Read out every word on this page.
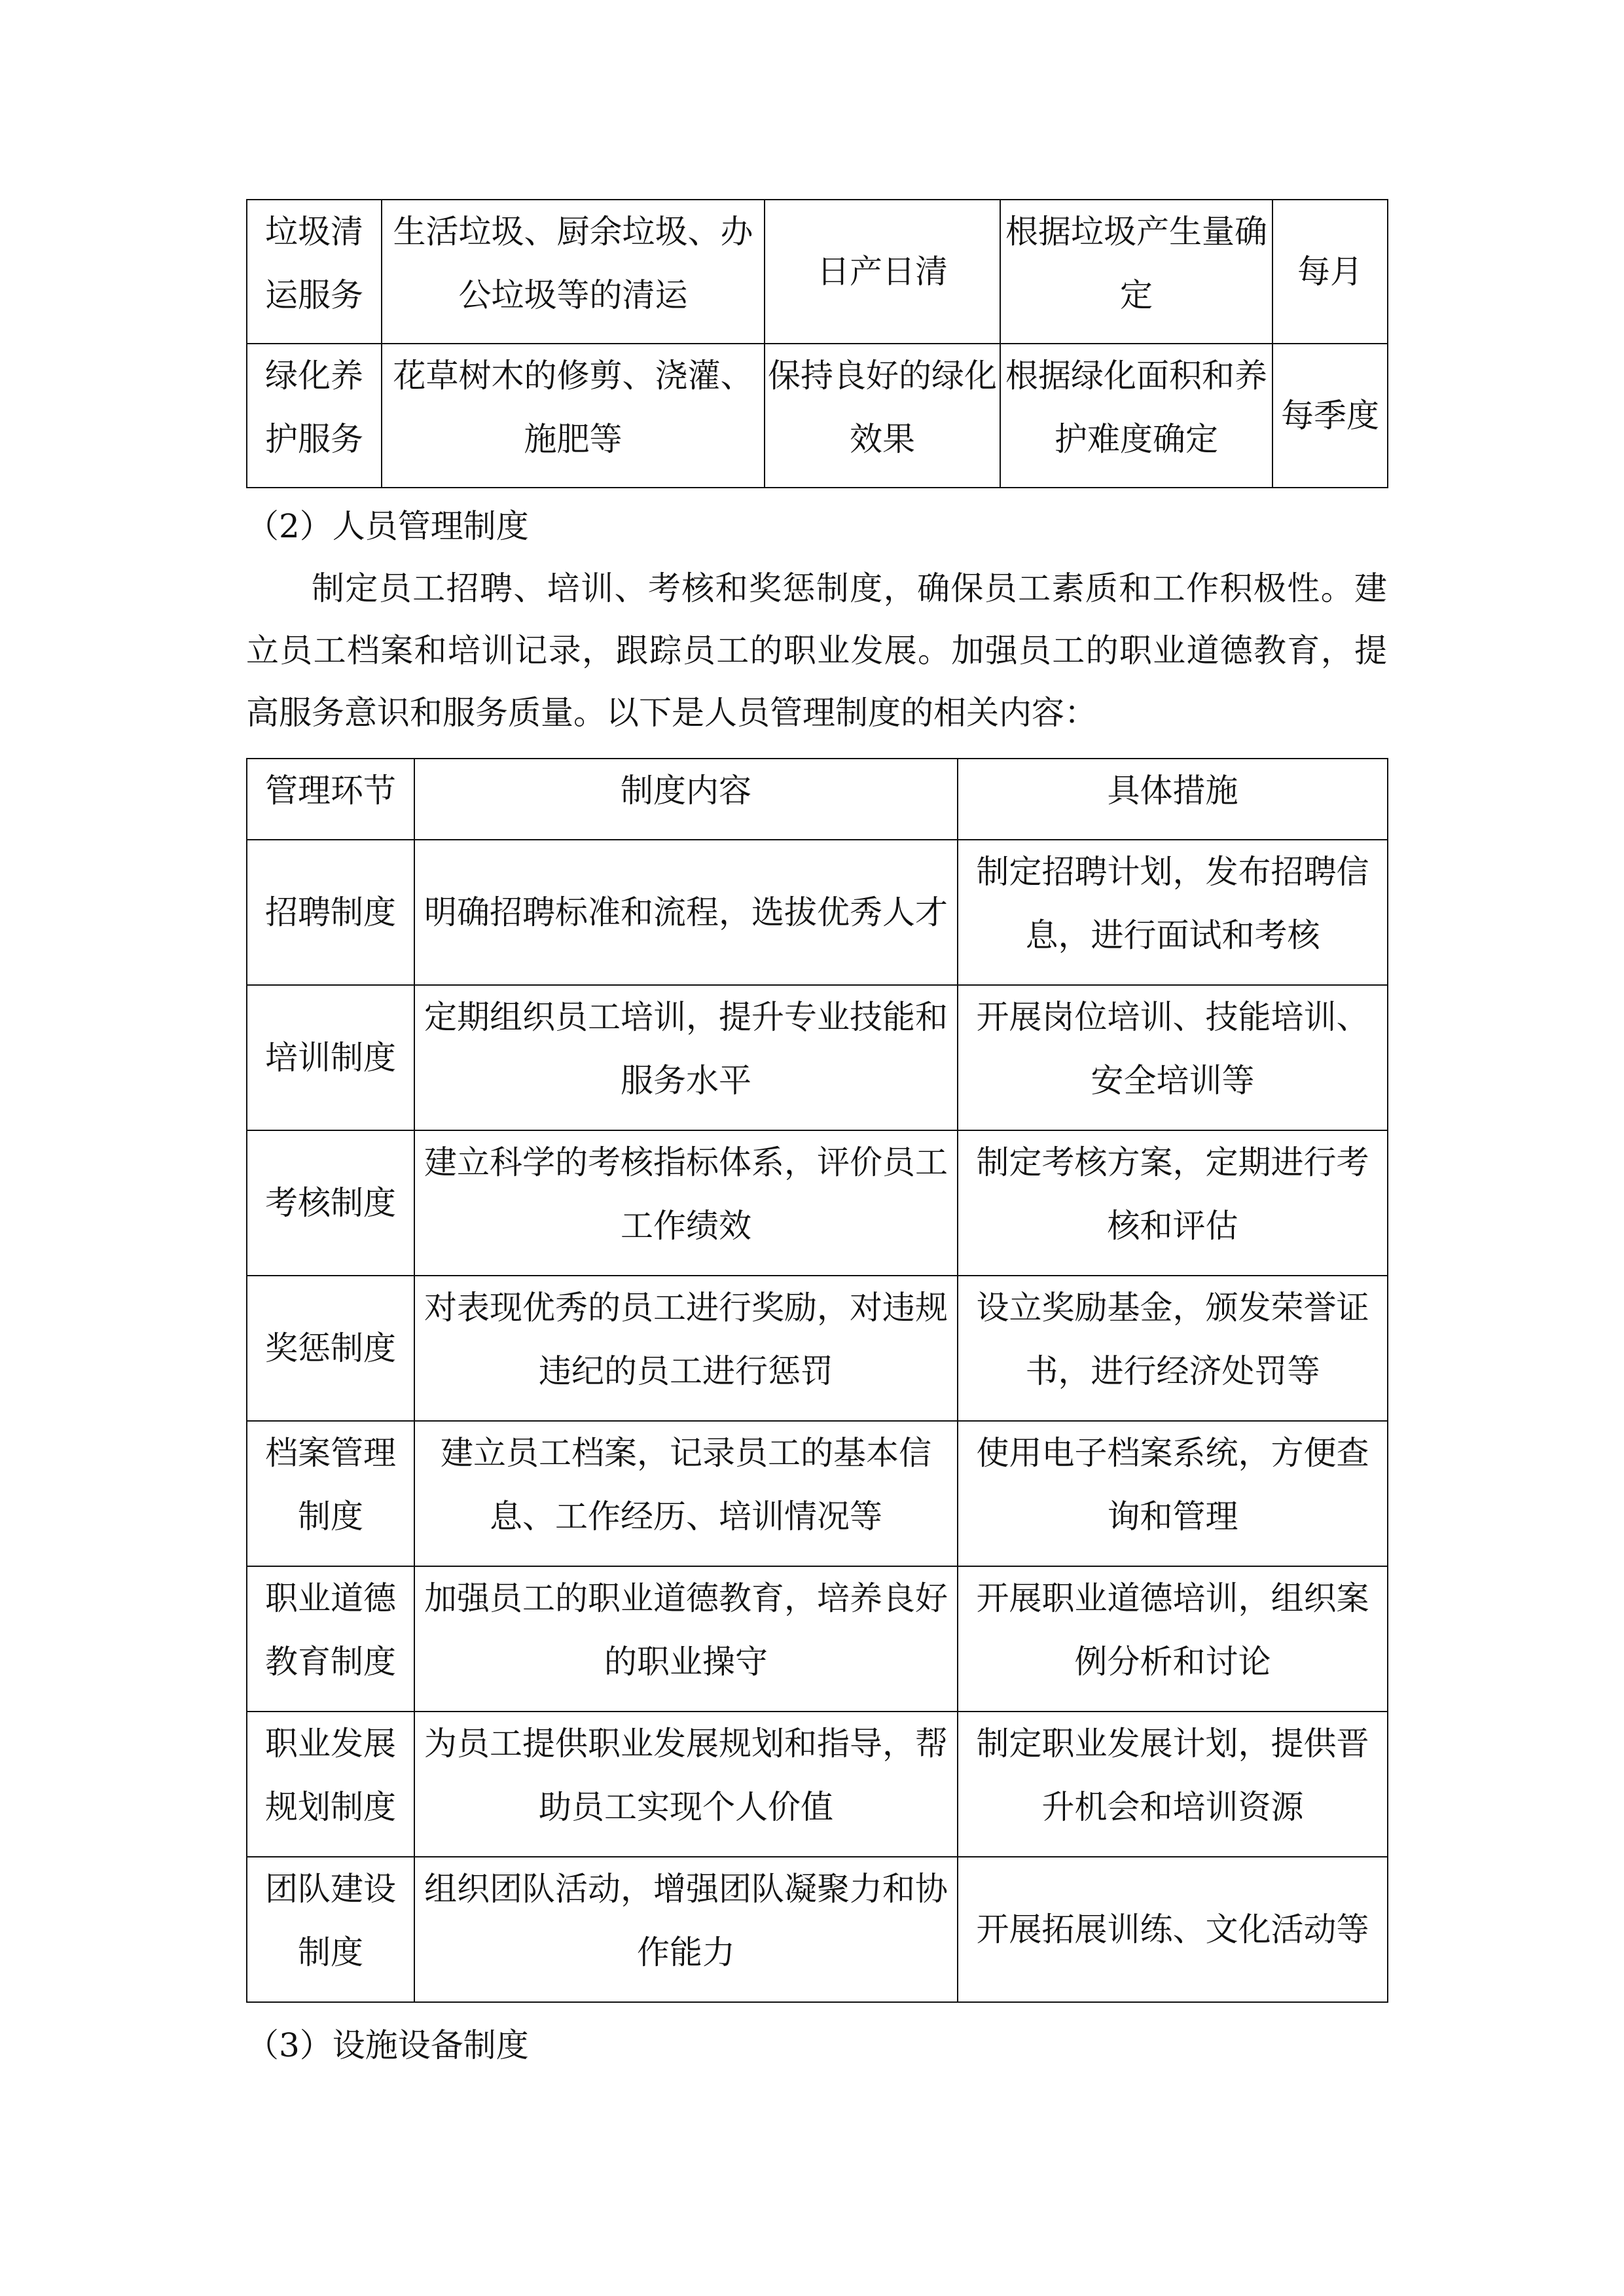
垃圾清运服务	生活垃圾、厨余垃圾、办公垃圾等的清运	日产日清	根据垃圾产生量确定	每月
绿化养护服务	花草树木的修剪、浇灌、施肥等	保持良好的绿化效果	根据绿化面积和养护难度确定	每季度
（2）人员管理制度
制定员工招聘、培训、考核和奖惩制度，确保员工素质和工作积极性。建立员工档案和培训记录，跟踪员工的职业发展。加强员工的职业道德教育，提高服务意识和服务质量。以下是人员管理制度的相关内容：
管理环节	制度内容	具体措施
招聘制度	明确招聘标准和流程，选拔优秀人才	制定招聘计划，发布招聘信息，进行面试和考核
培训制度	定期组织员工培训，提升专业技能和服务水平	开展岗位培训、技能培训、安全培训等
考核制度	建立科学的考核指标体系，评价员工工作绩效	制定考核方案，定期进行考核和评估
奖惩制度	对表现优秀的员工进行奖励，对违规违纪的员工进行惩罚	设立奖励基金，颁发荣誉证书，进行经济处罚等
档案管理制度	建立员工档案，记录员工的基本信息、工作经历、培训情况等	使用电子档案系统，方便查询和管理
职业道德教育制度	加强员工的职业道德教育，培养良好的职业操守	开展职业道德培训，组织案例分析和讨论
职业发展规划制度	为员工提供职业发展规划和指导，帮助员工实现个人价值	制定职业发展计划，提供晋升机会和培训资源
团队建设制度	组织团队活动，增强团队凝聚力和协作能力	开展拓展训练、文化活动等
（3）设施设备制度
